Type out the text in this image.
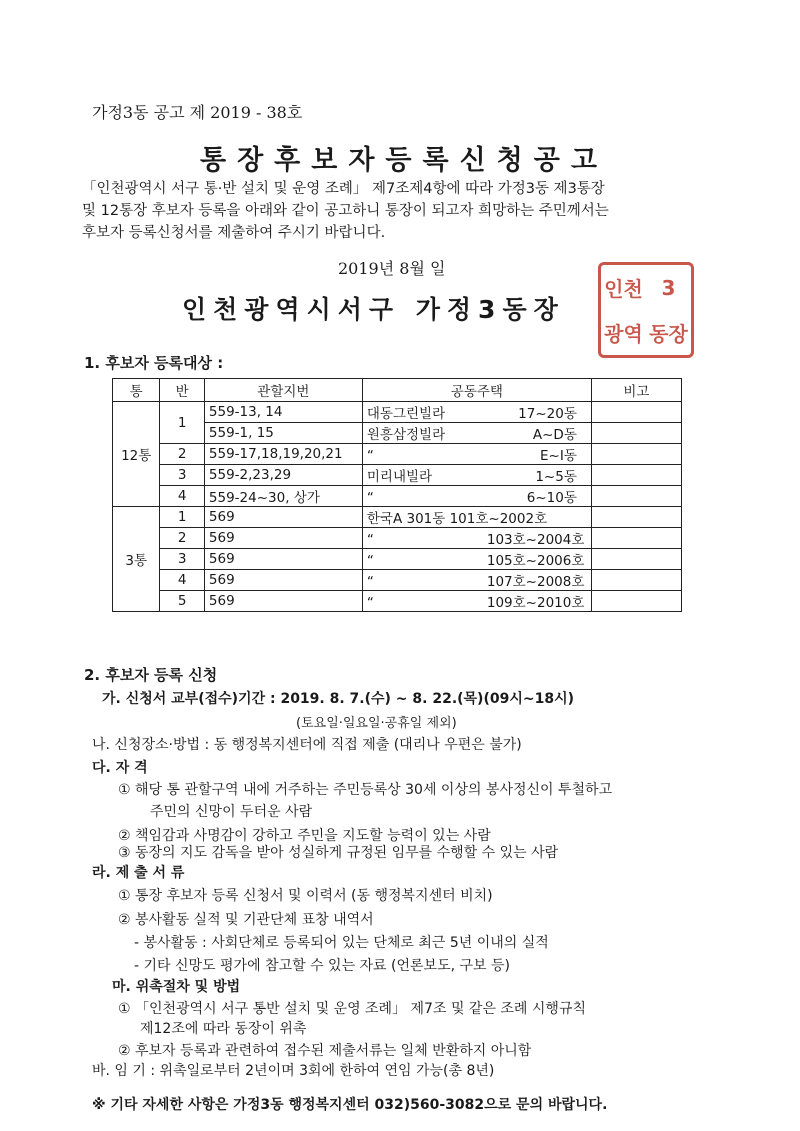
가정3동 공고 제 2019 - 38호
통장후보자등록신청공고
「인천광역시 서구 통·반 설치 및 운영 조례」 제7조제4항에 따라 가정3동 제3통장
및 12통장 후보자 등록을 아래와 같이 공고하니 통장이 되고자 희망하는 주민께서는
후보자 등록신청서를 제출하여 주시기 바랍니다.
2019년 8월 일
인천광역시서구 가정3동장
인천 3
광역 동장
1. 후보자 등록대상 :
통	반	관할지번	공동주택	비고
12통	1	559-13, 14	대동그린빌라 17~20동	
		559-1, 15	원흥삼정빌라 A~D동	
	2	559-17,18,19,20,21	“ E~I동	
	3	559-2,23,29	미리내빌라 1~5동	
	4	559-24~30, 상가	“ 6~10동	
3통	1	569	한국A 301동 101호~2002호	
	2	569	“ 103호~2004호	
	3	569	“ 105호~2006호	
	4	569	“ 107호~2008호	
	5	569	“ 109호~2010호	
2. 후보자 등록 신청
가. 신청서 교부(접수)기간 : 2019. 8. 7.(수) ~ 8. 22.(목)(09시~18시)
(토요일·일요일·공휴일 제외)
나. 신청장소·방법 : 동 행정복지센터에 직접 제출 (대리나 우편은 불가)
다. 자 격
① 해당 통 관할구역 내에 거주하는 주민등록상 30세 이상의 봉사정신이 투철하고
주민의 신망이 두터운 사람
② 책임감과 사명감이 강하고 주민을 지도할 능력이 있는 사람
③ 동장의 지도 감독을 받아 성실하게 규정된 임무를 수행할 수 있는 사람
라. 제 출 서 류
① 통장 후보자 등록 신청서 및 이력서 (동 행정복지센터 비치)
② 봉사활동 실적 및 기관단체 표창 내역서
- 봉사활동 : 사회단체로 등록되어 있는 단체로 최근 5년 이내의 실적
- 기타 신망도 평가에 참고할 수 있는 자료 (언론보도, 구보 등)
마. 위촉절차 및 방법
① 「인천광역시 서구 통반 설치 및 운영 조례」 제7조 및 같은 조례 시행규칙
제12조에 따라 동장이 위촉
② 후보자 등록과 관련하여 접수된 제출서류는 일체 반환하지 아니함
바. 임 기 : 위촉일로부터 2년이며 3회에 한하여 연임 가능(총 8년)
※ 기타 자세한 사항은 가정3동 행정복지센터 032)560-3082으로 문의 바랍니다.
